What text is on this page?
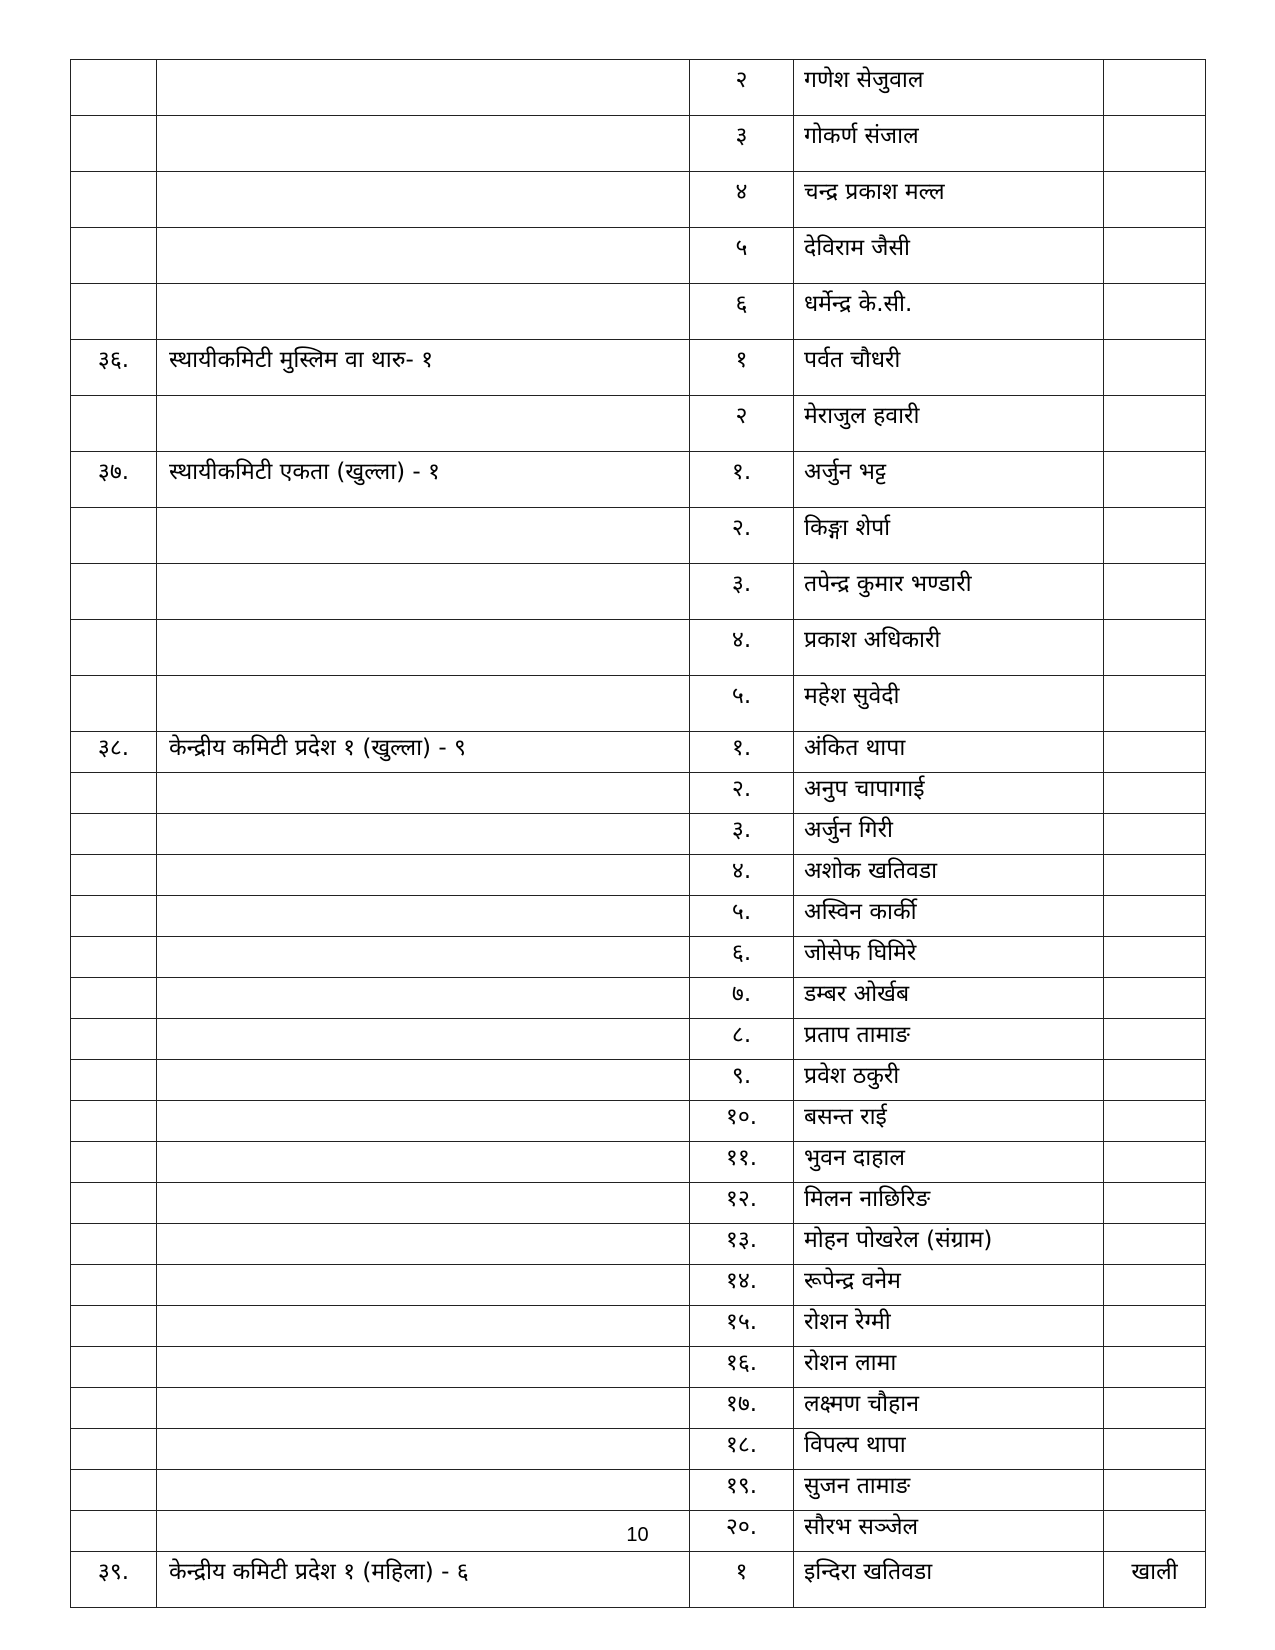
		२	गणेश सेजुवाल	
		३	गोकर्ण संजाल	
		४	चन्द्र प्रकाश मल्ल	
		५	देविराम जैसी	
		६	धर्मेन्द्र के.सी.	
३६.	स्थायीकमिटी मुस्लिम वा थारु- १	१	पर्वत चौधरी	
		२	मेराजुल हवारी	
३७.	स्थायीकमिटी एकता (खुल्ला) - १	१.	अर्जुन भट्ट	
		२.	किङ्गा शेर्पा	
		३.	तपेन्द्र कुमार भण्डारी	
		४.	प्रकाश अधिकारी	
		५.	महेश सुवेदी	
३८.	केन्द्रीय कमिटी प्रदेश १ (खुल्ला) - ९	१.	अंकित थापा	
		२.	अनुप चापागाई	
		३.	अर्जुन गिरी	
		४.	अशोक खतिवडा	
		५.	अस्विन कार्की	
		६.	जोसेफ घिमिरे	
		७.	डम्बर ओर्खब	
		८.	प्रताप तामाङ	
		९.	प्रवेश ठकुरी	
		१०.	बसन्त राई	
		११.	भुवन दाहाल	
		१२.	मिलन नाछिरिङ	
		१३.	मोहन पोखरेल (संग्राम)	
		१४.	रूपेन्द्र वनेम	
		१५.	रोशन रेग्मी	
		१६.	रोशन लामा	
		१७.	लक्ष्मण चौहान	
		१८.	विपल्प थापा	
		१९.	सुजन तामाङ	
		२०.	सौरभ सञ्जेल	
३९.	केन्द्रीय कमिटी प्रदेश १ (महिला) - ६	१	इन्दिरा खतिवडा	खाली
10
